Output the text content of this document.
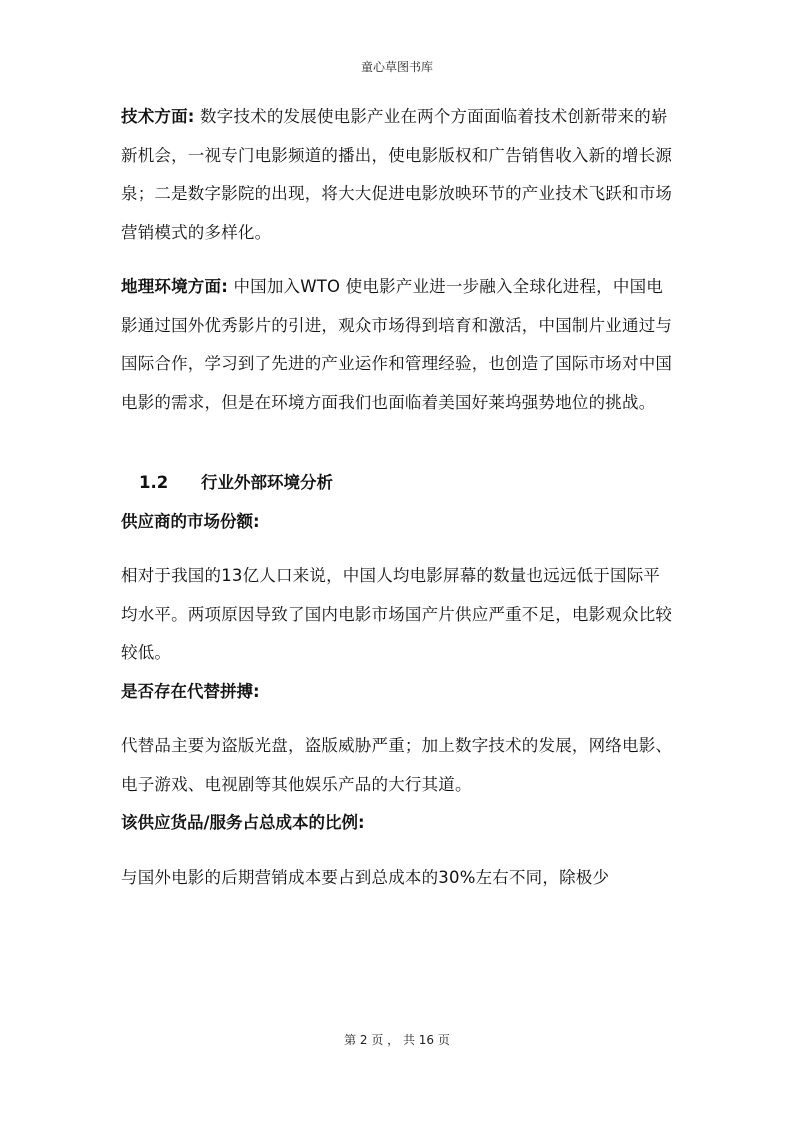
童心草图书库

技术方面: 数字技术的发展使电影产业在两个方面面临着技术创新带来的崭新机会，一视专门电影频道的播出，使电影版权和广告销售收入新的增长源泉；二是数字影院的出现，将大大促进电影放映环节的产业技术飞跃和市场营销模式的多样化。

地理环境方面: 中国加入WTO 使电影产业进一步融入全球化进程，中国电影通过国外优秀影片的引进，观众市场得到培育和激活，中国制片业通过与国际合作，学习到了先进的产业运作和管理经验，也创造了国际市场对中国电影的需求，但是在环境方面我们也面临着美国好莱坞强势地位的挑战。

1.2	行业外部环境分析

供应商的市场份额:

相对于我国的13亿人口来说，中国人均电影屏幕的数量也远远低于国际平均水平。两项原因导致了国内电影市场国产片供应严重不足，电影观众比较较低。

是否存在代替拼搏:

代替品主要为盗版光盘，盗版威胁严重；加上数字技术的发展，网络电影、电子游戏、电视剧等其他娱乐产品的大行其道。

该供应货品/服务占总成本的比例:

与国外电影的后期营销成本要占到总成本的30%左右不同，除极少

第 2 页 ， 共 16 页
